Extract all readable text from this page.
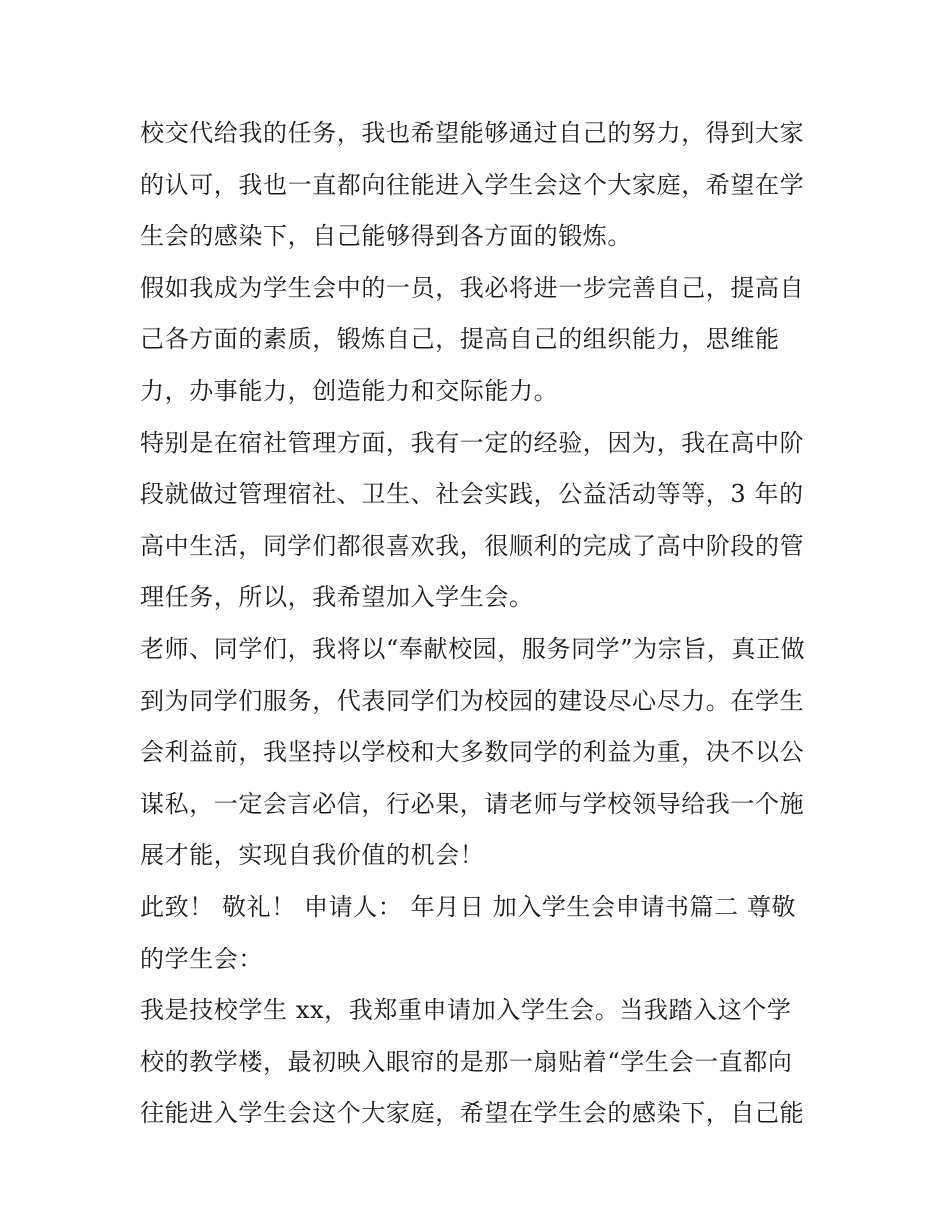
校交代给我的任务，我也希望能够通过自己的努力，得到大家
的认可，我也一直都向往能进入学生会这个大家庭，希望在学
生会的感染下，自己能够得到各方面的锻炼。
假如我成为学生会中的一员，我必将进一步完善自己，提高自
己各方面的素质，锻炼自己，提高自己的组织能力，思维能
力，办事能力，创造能力和交际能力。
特别是在宿社管理方面，我有一定的经验，因为，我在高中阶
段就做过管理宿社、卫生、社会实践，公益活动等等，3 年的
高中生活，同学们都很喜欢我，很顺利的完成了高中阶段的管
理任务，所以，我希望加入学生会。
老师、同学们，我将以“奉献校园，服务同学”为宗旨，真正做
到为同学们服务，代表同学们为校园的建设尽心尽力。在学生
会利益前，我坚持以学校和大多数同学的利益为重，决不以公
谋私，一定会言必信，行必果，请老师与学校领导给我一个施
展才能，实现自我价值的机会！
此致！ 敬礼！ 申请人： 年月日 加入学生会申请书篇二 尊敬
的学生会：
我是技校学生 xx，我郑重申请加入学生会。当我踏入这个学
校的教学楼，最初映入眼帘的是那一扇贴着“学生会一直都向
往能进入学生会这个大家庭，希望在学生会的感染下，自己能
